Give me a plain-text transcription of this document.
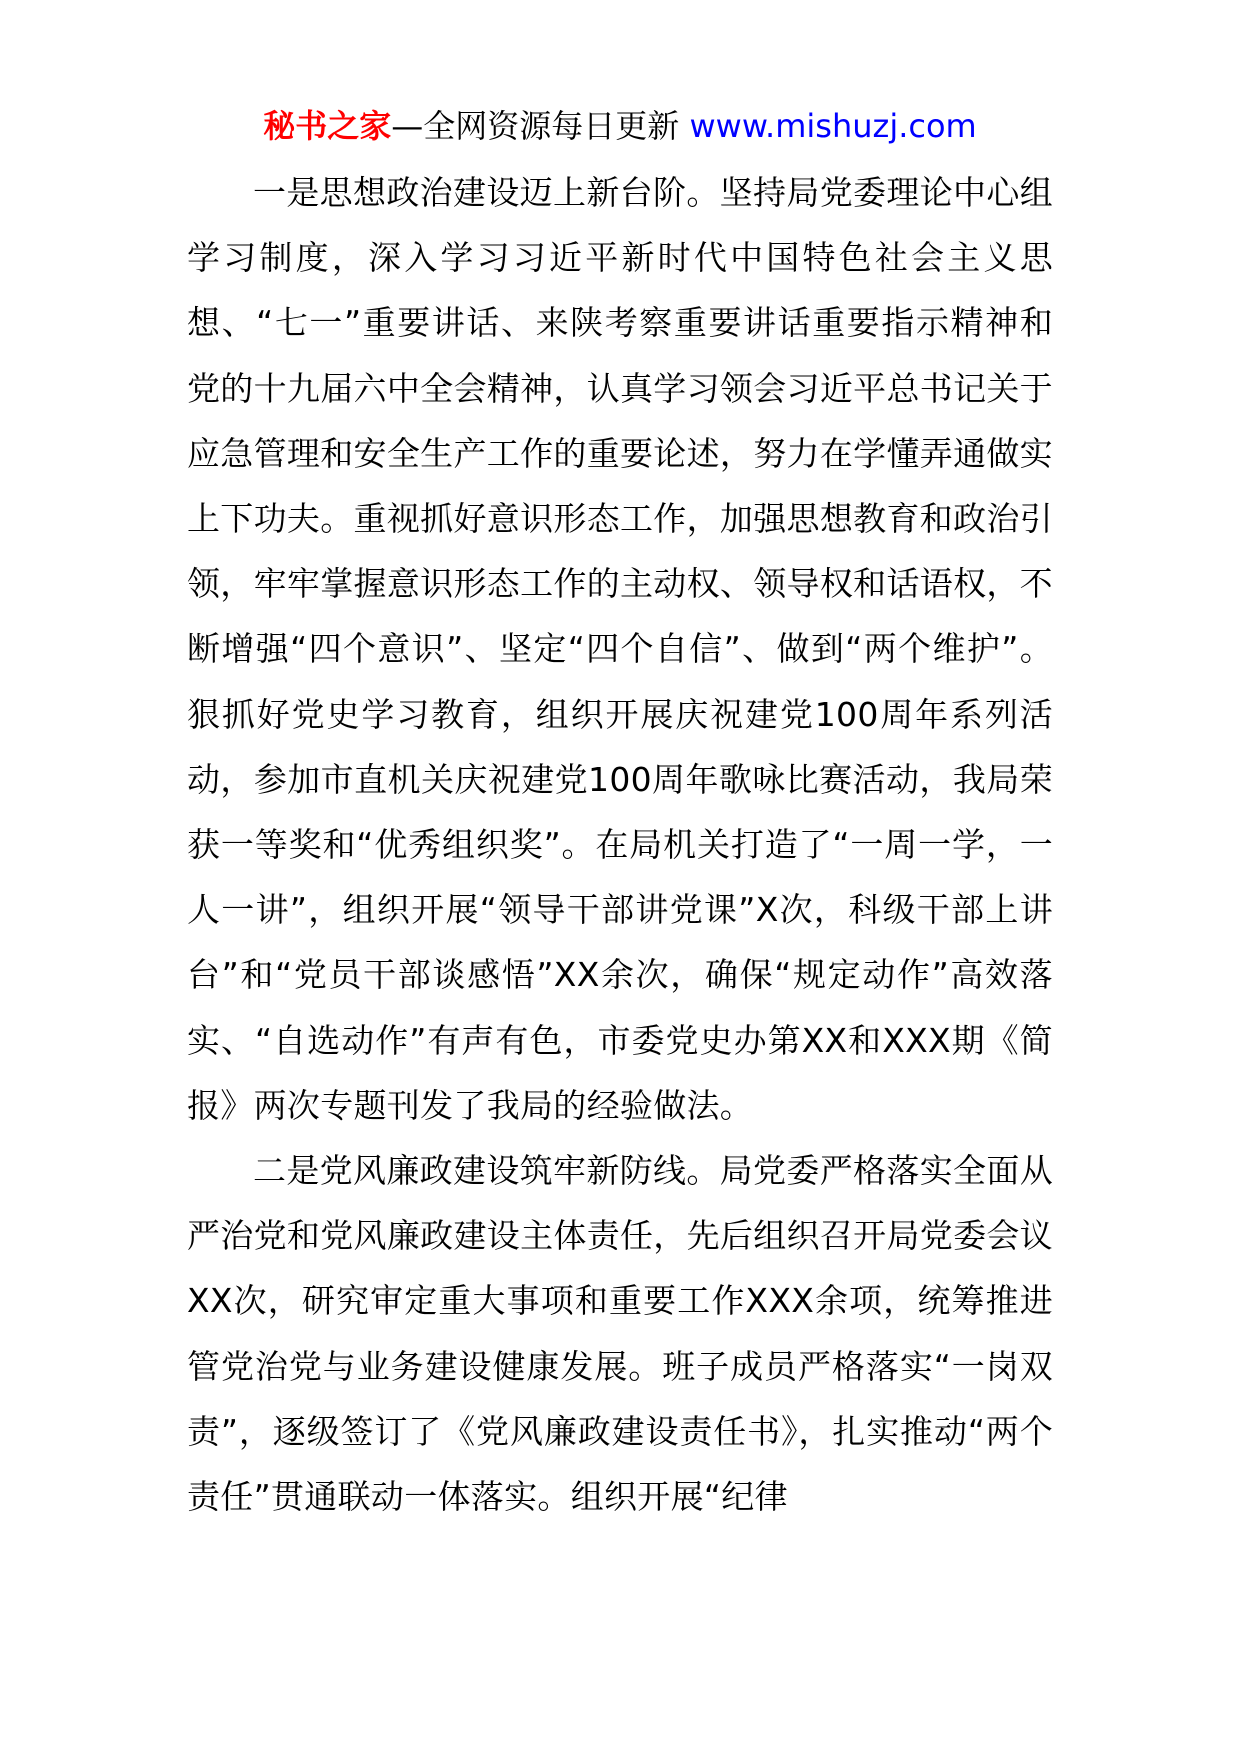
秘书之家—全网资源每日更新 www.mishuzj.com

一是思想政治建设迈上新台阶。坚持局党委理论中心组学习制度，深入学习习近平新时代中国特色社会主义思想、“七一”重要讲话、来陕考察重要讲话重要指示精神和党的十九届六中全会精神，认真学习领会习近平总书记关于应急管理和安全生产工作的重要论述，努力在学懂弄通做实上下功夫。重视抓好意识形态工作，加强思想教育和政治引领，牢牢掌握意识形态工作的主动权、领导权和话语权，不断增强“四个意识”、坚定“四个自信”、做到“两个维护”。狠抓好党史学习教育，组织开展庆祝建党100周年系列活动，参加市直机关庆祝建党100周年歌咏比赛活动，我局荣获一等奖和“优秀组织奖”。在局机关打造了“一周一学，一人一讲”，组织开展“领导干部讲党课”X次，科级干部上讲台”和“党员干部谈感悟”XX余次，确保“规定动作”高效落实、“自选动作”有声有色，市委党史办第XX和XXX期《简报》两次专题刊发了我局的经验做法。

二是党风廉政建设筑牢新防线。局党委严格落实全面从严治党和党风廉政建设主体责任，先后组织召开局党委会议XX次，研究审定重大事项和重要工作XXX余项，统筹推进管党治党与业务建设健康发展。班子成员严格落实“一岗双责”，逐级签订了《党风廉政建设责任书》，扎实推动“两个责任”贯通联动一体落实。组织开展“纪律
